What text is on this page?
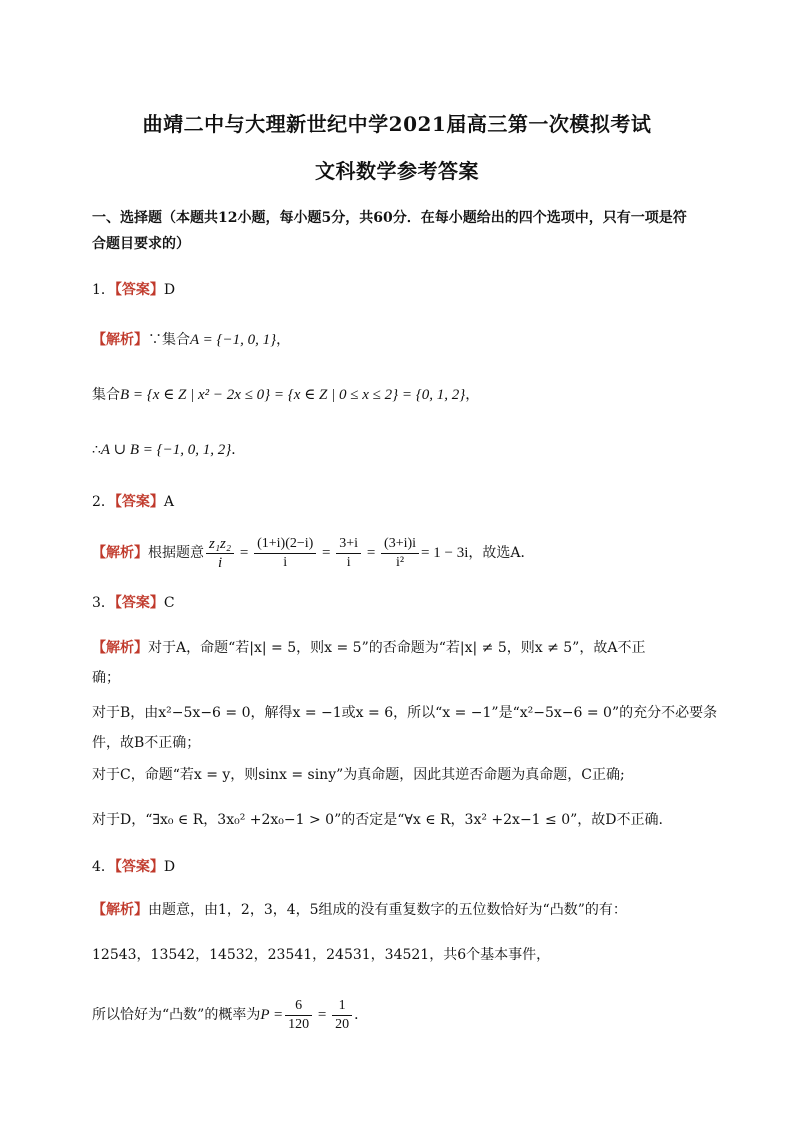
曲靖二中与大理新世纪中学2021届高三第一次模拟考试
文科数学参考答案
一、选择题（本题共12小题，每小题5分，共60分．在每小题给出的四个选项中，只有一项是符
合题目要求的）
1．【答案】D
【解析】∵集合A = {−1, 0, 1}，
集合B = {x ∈ Z | x² − 2x ≤ 0} = {x ∈ Z | 0 ≤ x ≤ 2} = {0, 1, 2}，
∴A ∪ B = {−1, 0, 1, 2}．
2．【答案】A
【解析】根据题意 $\frac{\text{z₁z₂}}{i} = \frac{(1+i)(2-i)}{i} = \frac{3+i}{i} = \frac{(3+i)i}{\text{i²}} = 1 - 3i$，故选A．
3．【答案】C
【解析】对于A，命题“若|x| = 5，则x = 5”的否命题为“若|x| ≠ 5，则x ≠ 5”，故A不正
确；
对于B，由x²−5x−6 = 0，解得x = −1或x = 6，所以“x = −1”是“x²−5x−6 = 0”的充分不必要条
件，故B不正确；
对于C，命题“若x = y，则sinx = siny”为真命题，因此其逆否命题为真命题，C正确;
对于D，“∃x₀ ∈ R，3x₀² +2x₀−1 > 0”的否定是“∀x ∈ R，3x² +2x−1 ≤ 0”，故D不正确.
4．【答案】D
【解析】由题意，由1，2，3，4，5组成的没有重复数字的五位数恰好为“凸数”的有：
12543，13542，14532，23541，24531，34521，共6个基本事件，
所以恰好为“凸数”的概率为$P = \frac{6}{120} = \frac{1}{20}$ ．
